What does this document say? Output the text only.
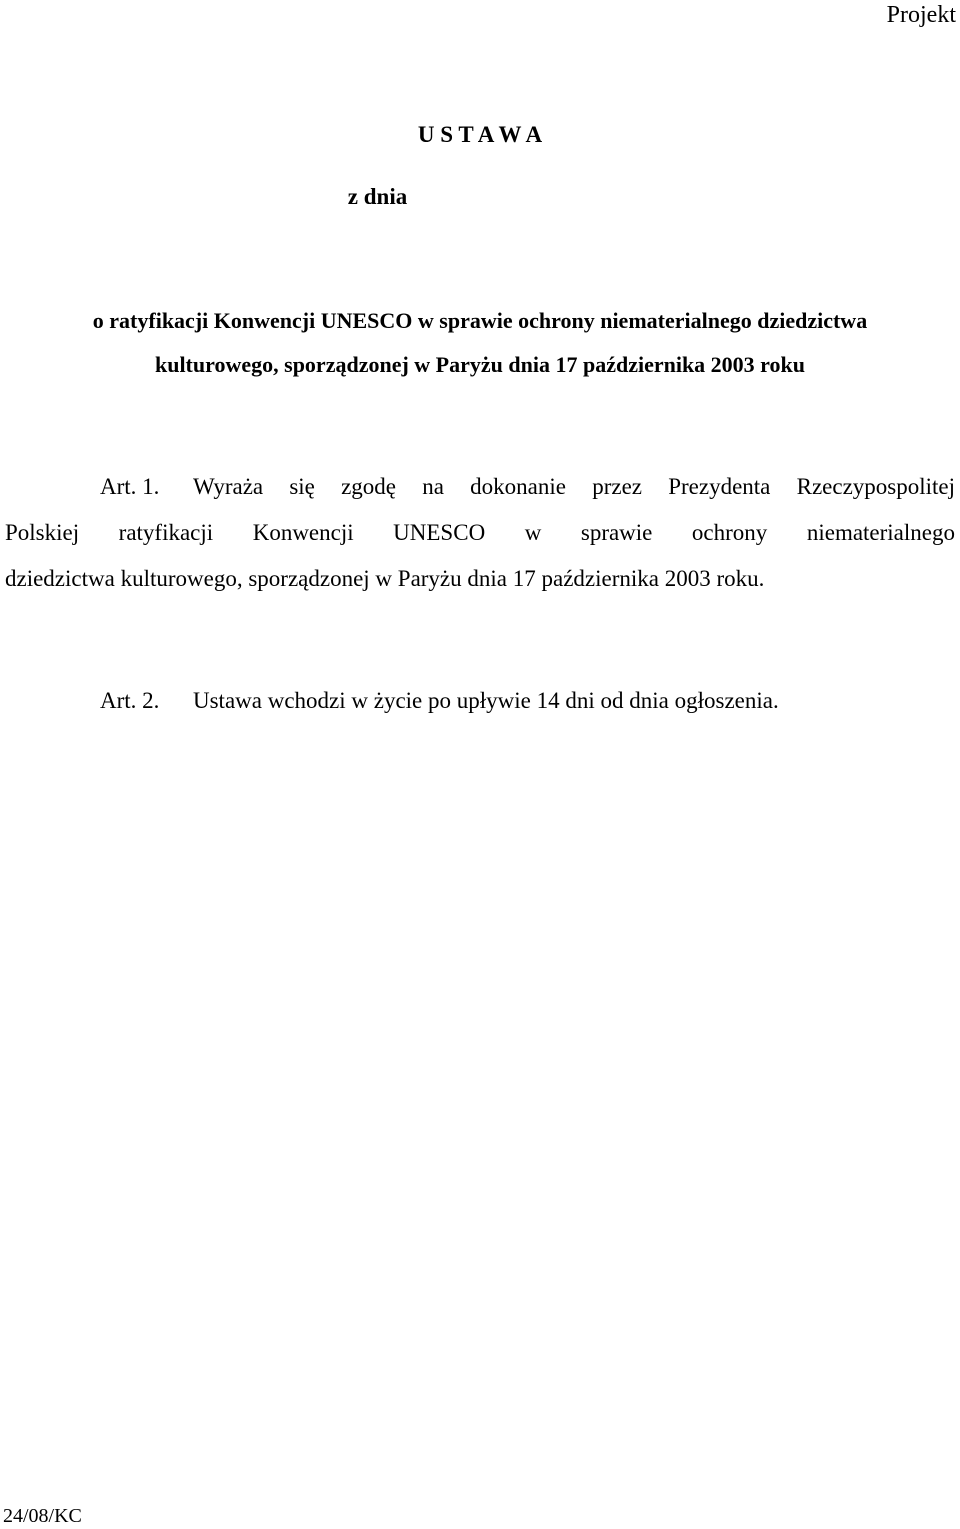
Projekt
U S T A W A
z dnia
o ratyfikacji Konwencji UNESCO w sprawie ochrony niematerialnego dziedzictwa
kulturowego, sporządzonej w Paryżu dnia 17 października 2003 roku
Art. 1. Wyraża się zgodę na dokonanie przez Prezydenta Rzeczypospolitej
Polskiej ratyfikacji Konwencji UNESCO w sprawie ochrony niematerialnego
dziedzictwa kulturowego, sporządzonej w Paryżu dnia 17 października 2003 roku.
Art. 2. Ustawa wchodzi w życie po upływie 14 dni od dnia ogłoszenia.
24/08/KC
